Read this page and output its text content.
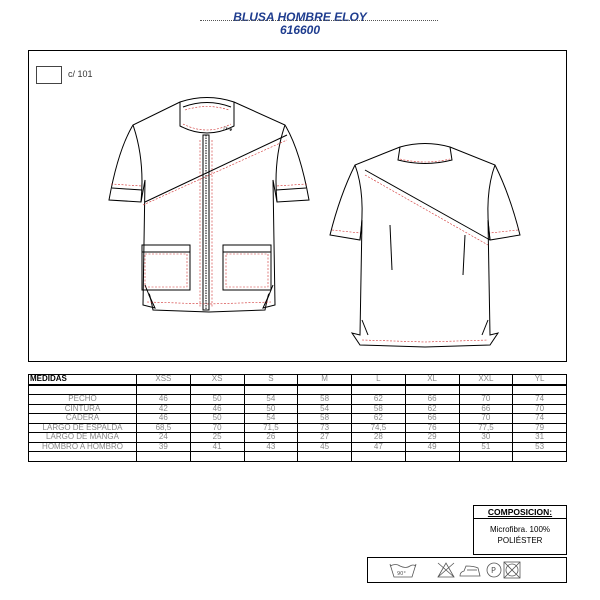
BLUSA HOMBRE ELOY
616600
c/ 101
ℰℓℴ𝓎
MEDIDAS	XSS	XS	S	M	L	XL	XXL	YL

PECHO	46	50	54	58	62	66	70	74
CINTURA	42	46	50	54	58	62	66	70
CADERA	46	50	54	58	62	66	70	74
LARGO DE ESPALDA	68,5	70	71,5	73	74,5	76	77,5	79
LARGO DE MANGA	24	25	26	27	28	29	30	31
HOMBRO A HOMBRO	39	41	43	45	47	49	51	53

COMPOSICION:
Microfibra. 100%
POLIÉSTER
90°	P
